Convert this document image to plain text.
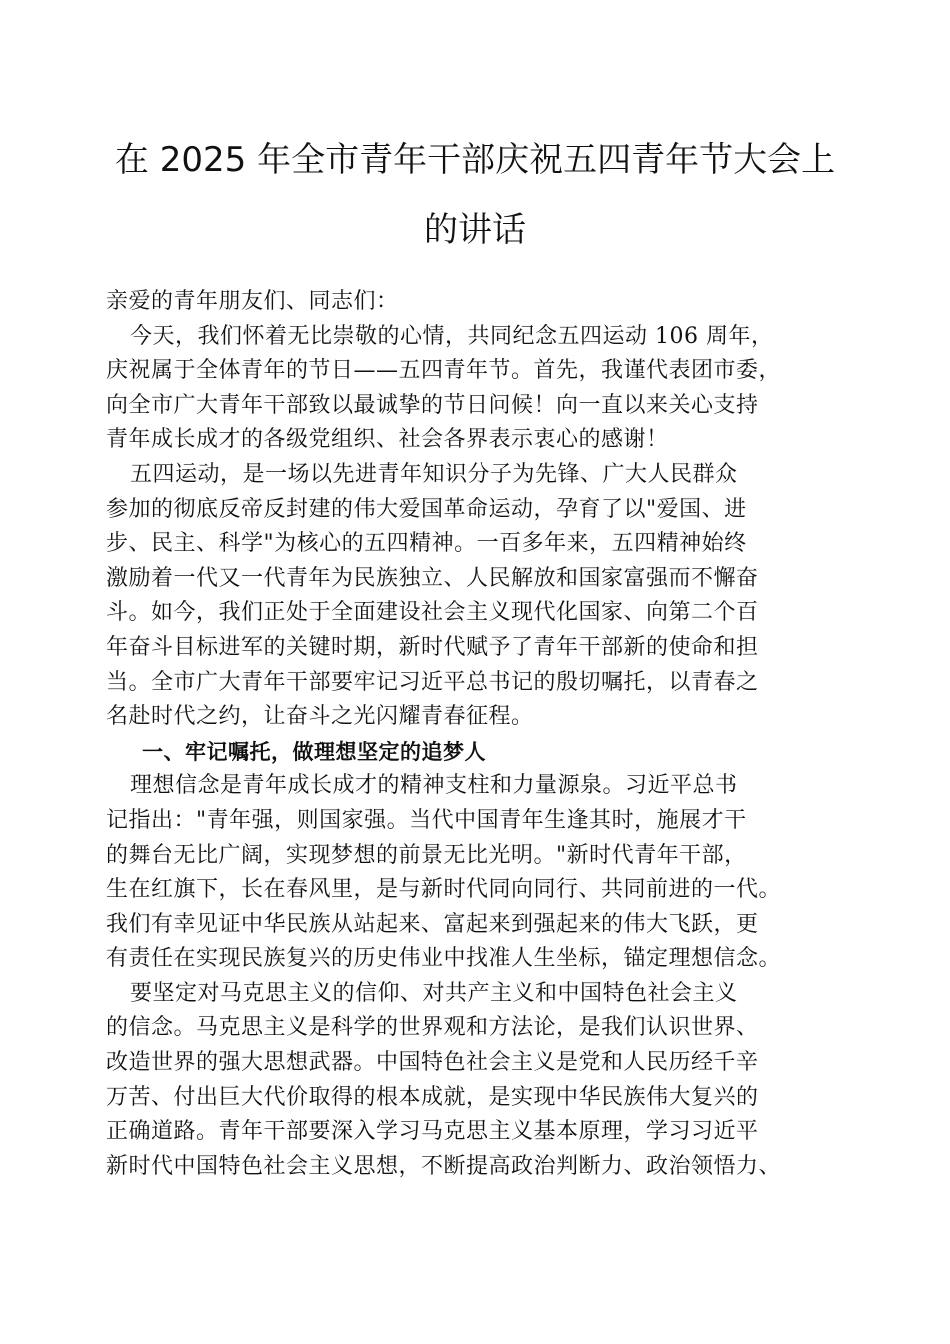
在 2025 年全市青年干部庆祝五四青年节大会上
的讲话
亲爱的青年朋友们、同志们：
今天，我们怀着无比崇敬的心情，共同纪念五四运动 106 周年，
庆祝属于全体青年的节日——五四青年节。首先，我谨代表团市委，
向全市广大青年干部致以最诚挚的节日问候！向一直以来关心支持
青年成长成才的各级党组织、社会各界表示衷心的感谢！
五四运动，是一场以先进青年知识分子为先锋、广大人民群众
参加的彻底反帝反封建的伟大爱国革命运动，孕育了以"爱国、进
步、民主、科学"为核心的五四精神。一百多年来，五四精神始终
激励着一代又一代青年为民族独立、人民解放和国家富强而不懈奋
斗。如今，我们正处于全面建设社会主义现代化国家、向第二个百
年奋斗目标进军的关键时期，新时代赋予了青年干部新的使命和担
当。全市广大青年干部要牢记习近平总书记的殷切嘱托，以青春之
名赴时代之约，让奋斗之光闪耀青春征程。
一、牢记嘱托，做理想坚定的追梦人
理想信念是青年成长成才的精神支柱和力量源泉。习近平总书
记指出："青年强，则国家强。当代中国青年生逢其时，施展才干
的舞台无比广阔，实现梦想的前景无比光明。"新时代青年干部，
生在红旗下，长在春风里，是与新时代同向同行、共同前进的一代。
我们有幸见证中华民族从站起来、富起来到强起来的伟大飞跃，更
有责任在实现民族复兴的历史伟业中找准人生坐标，锚定理想信念。
要坚定对马克思主义的信仰、对共产主义和中国特色社会主义
的信念。马克思主义是科学的世界观和方法论，是我们认识世界、
改造世界的强大思想武器。中国特色社会主义是党和人民历经千辛
万苦、付出巨大代价取得的根本成就，是实现中华民族伟大复兴的
正确道路。青年干部要深入学习马克思主义基本原理，学习习近平
新时代中国特色社会主义思想，不断提高政治判断力、政治领悟力、
